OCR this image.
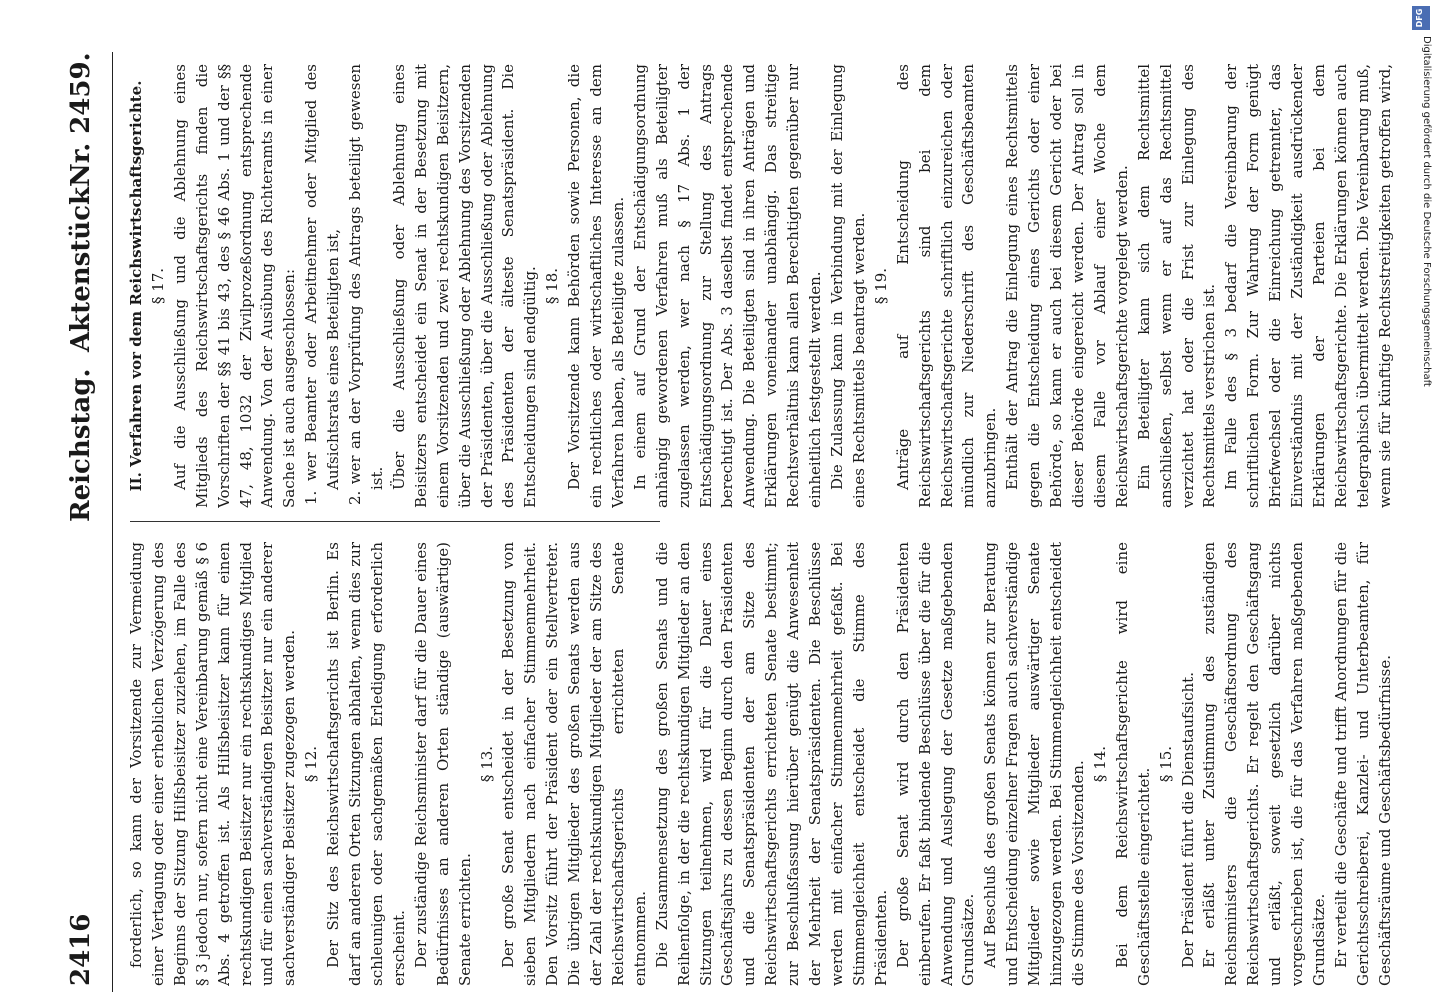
2416
Reichstag.
Aktenstück
Nr. 2459.

forderlich, so kann der Vorsitzende zur Vermeidung einer Vertagung oder einer erheblichen Verzögerung des Beginns der Sitzung Hilfsbeisitzer zuziehen, im Falle des § 3 jedoch nur, sofern nicht eine Vereinbarung gemäß § 6 Abs. 4 getroffen ist. Als Hilfsbeisitzer kann für einen rechtskundigen Beisitzer nur ein rechtskundiges Mitglied und für einen sachverständigen Beisitzer nur ein anderer sachverständiger Beisitzer zugezogen werden. § 12. Der Sitz des Reichswirtschaftsgerichts ist Berlin. Es darf an anderen Orten Sitzungen abhalten, wenn dies zur schleunigen oder sachgemäßen Erledigung erforderlich erscheint. Der zuständige Reichsminister darf für die Dauer eines Bedürfnisses an anderen Orten ständige (auswärtige) Senate errichten.

§ 13. Der große Senat entscheidet in der Besetzung von sieben Mitgliedern nach einfacher Stimmenmehrheit. Den Vorsitz führt der Präsident oder ein Stellvertreter. Die übrigen Mitglieder des großen Senats werden aus der Zahl der rechtskundigen Mitglieder der am Sitze des Reichswirtschaftsgerichts errichteten Senate entnommen. Die Zusammensetzung des großen Senats und die Reihenfolge, in der die rechtskundigen Mitglieder an den Sitzungen teilnehmen, wird für die Dauer eines Geschäftsjahrs zu dessen Beginn durch den Präsidenten und die Senatspräsidenten der am Sitze des Reichswirtschaftsgerichts errichteten Senate bestimmt; zur Beschlußfassung hierüber genügt die Anwesenheit der Mehrheit der Senatspräsidenten. Die Beschlüsse werden mit einfacher Stimmenmehrheit gefaßt. Bei Stimmengleichheit entscheidet die Stimme des Präsidenten. Der große Senat wird durch den Präsidenten einberufen. Er faßt bindende Beschlüsse über die für die Anwendung und Auslegung der Gesetze maßgebenden Grundsätze. Auf Beschluß des großen Senats können zur Beratung und Entscheidung einzelner Fragen auch sachverständige Mitglieder sowie Mitglieder auswärtiger Senate hinzugezogen werden. Bei Stimmengleichheit entscheidet die Stimme des Vorsitzenden. § 14. Bei dem Reichswirtschaftsgerichte wird eine Geschäftsstelle eingerichtet.

§ 15. Der Präsident führt die Dienstaufsicht. Er erläßt unter Zustimmung des zuständigen Reichsministers die Geschäftsordnung des Reichswirtschaftsgerichts. Er regelt den Geschäftsgang und erläßt, soweit gesetzlich darüber nichts vorgeschrieben ist, die für das Verfahren maßgebenden Grundsätze. Er verteilt die Geschäfte und trifft Anordnungen für die Gerichtsschreiberei, Kanzlei- und Unterbeamten, für Geschäftsräume und Geschäftsbedürfnisse.

II. Verfahren vor dem Reichswirtschaftsgerichte. § 17. Auf die Ausschließung und die Ablehnung eines Mitglieds des Reichswirtschaftsgerichts finden die Vorschriften der §§ 41 bis 43, des § 46 Abs. 1 und der §§ 47, 48, 1032 der Zivilprozeßordnung entsprechende Anwendung. Von der Ausübung des Richteramts in einer Sache ist auch ausgeschlossen: 1. wer Beamter oder Arbeitnehmer oder Mitglied des Aufsichtsrats eines Beteiligten ist, 2. wer an der Vorprüfung des Antrags beteiligt gewesen ist. Über die Ausschließung oder Ablehnung eines Beisitzers entscheidet ein Senat in der Besetzung mit einem Vorsitzenden und zwei rechtskundigen Beisitzern, über die Ausschließung oder Ablehnung des Vorsitzenden der Präsidenten, über die Ausschließung oder Ablehnung des Präsidenten der älteste Senatspräsident. Die Entscheidungen sind endgültig. § 18. Der Vorsitzende kann Behörden sowie Personen, die ein rechtliches oder wirtschaftliches Interesse an dem Verfahren haben, als Beteiligte zulassen. In einem auf Grund der Entschädigungsordnung anhängig gewordenen Verfahren muß als Beteiligter zugelassen werden, wer nach § 17 Abs. 1 der Entschädigungsordnung zur Stellung des Antrags berechtigt ist. Der Abs. 3 daselbst findet entsprechende Anwendung. Die Beteiligten sind in ihren Anträgen und Erklärungen voneinander unabhängig. Das streitige Rechtsverhältnis kann allen Berechtigten gegenüber nur einheitlich festgestellt werden. Die Zulassung kann in Verbindung mit der Einlegung eines Rechtsmittels beantragt werden. § 19. Anträge auf Entscheidung des Reichswirtschaftsgerichts sind bei dem Reichswirtschaftsgerichte schriftlich einzureichen oder mündlich zur Niederschrift des Geschäftsbeamten anzubringen. Enthält der Antrag die Einlegung eines Rechtsmittels gegen die Entscheidung eines Gerichts oder einer Behörde, so kann er auch bei diesem Gericht oder bei dieser Behörde eingereicht werden. Der Antrag soll in diesem Falle vor Ablauf einer Woche dem Reichswirtschaftsgerichte vorgelegt werden. Ein Beteiligter kann sich dem Rechtsmittel anschließen, selbst wenn er auf das Rechtsmittel verzichtet hat oder die Frist zur Einlegung des Rechtsmittels verstrichen ist. Im Falle des § 3 bedarf die Vereinbarung der schriftlichen Form. Zur Wahrung der Form genügt Briefwechsel oder die Einreichung getrennter, das Einverständnis mit der Zuständigkeit ausdrückender Erklärungen der Parteien bei dem Reichswirtschaftsgerichte. Die Erklärungen können auch telegraphisch übermittelt werden. Die Vereinbarung muß, wenn sie für künftige Rechtsstreitigkeiten getroffen wird,

DFG
Digitalisierung gefördert durch die Deutsche Forschungsgemeinschaft
